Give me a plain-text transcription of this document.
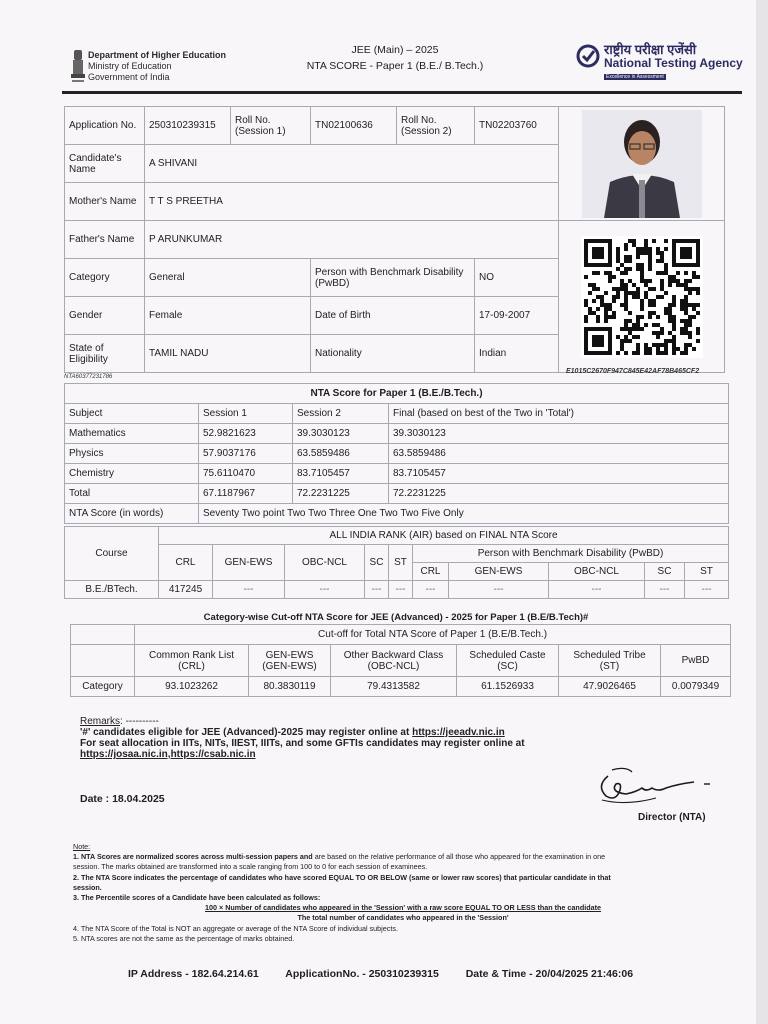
Department of Higher Education
Ministry of Education
Government of India
JEE (Main) – 2025
NTA SCORE - Paper 1 (B.E./ B.Tech.)
राष्ट्रीय परीक्षा एजेंसी
National Testing Agency
Excellence in Assessment
Application No.	250310239315	Roll No. (Session 1)	TN02100636	Roll No. (Session 2)	TN02203760	

Candidate's Name	A SHIVANI					
Mother's Name	T T S PREETHA					
Father's Name	P ARUNKUMAR	

Category	General		Person with Benchmark Disability (PwBD)		NO	
Gender	Female		Date of Birth		17-09-2007	
State of Eligibility	TAMIL NADU		Nationality		Indian	
NTA60377231786
E1015C2670F947C845E42AF78B465CF2
NTA Score for Paper 1 (B.E./B.Tech.)			
Subject	Session 1	Session 2	Final (based on best of the Two in 'Total')
Mathematics	52.9821623	39.3030123	39.3030123
Physics	57.9037176	63.5859486	63.5859486
Chemistry	75.6110470	83.7105457	83.7105457
Total	67.1187967	72.2231225	72.2231225
NTA Score (in words)	Seventy Two point Two Two Three One Two Two Five Only		
Course	ALL INDIA RANK (AIR) based on FINAL NTA Score									
	CRL	GEN-EWS	OBC-NCL	SC	ST	Person with Benchmark Disability (PwBD)				
						CRL	GEN-EWS	OBC-NCL	SC	ST
B.E./BTech.	417245	---	---	---	---	---	---	---	---	---
Category-wise Cut-off NTA Score for JEE (Advanced) - 2025 for Paper 1 (B.E/B.Tech)#
	Cut-off for Total NTA Score of Paper 1 (B.E/B.Tech.)					
	Common Rank List (CRL)	GEN-EWS (GEN-EWS)	Other Backward Class (OBC-NCL)	Scheduled Caste (SC)	Scheduled Tribe (ST)	PwBD
Category	93.1023262	80.3830119	79.4313582	61.1526933	47.9026465	0.0079349
Remarks: ----------
'#' candidates eligible for JEE (Advanced)-2025 may register online at https://jeeadv.nic.in
For seat allocation in IITs, NITs, IIEST, IIITs, and some GFTIs candidates may register online at
https://josaa.nic.in,https://csab.nic.in
Date : 18.04.2025
Director (NTA)
Note:
1. NTA Scores are normalized scores across multi-session papers and are based on the relative performance of all those who appeared for the examination in one
session. The marks obtained are transformed into a scale ranging from 100 to 0 for each session of examinees.
2. The NTA Score indicates the percentage of candidates who have scored EQUAL TO OR BELOW (same or lower raw scores) that particular candidate in that
session.
3. The Percentile scores of a Candidate have been calculated as follows:
100 × Number of candidates who appeared in the 'Session' with a raw score EQUAL TO OR LESS than the candidate
The total number of candidates who appeared in the 'Session'
4. The NTA Score of the Total is NOT an aggregate or average of the NTA Score of individual subjects.
5. NTA scores are not the same as the percentage of marks obtained.
IP Address - 182.64.214.61	ApplicationNo. - 250310239315	Date & Time - 20/04/2025 21:46:06
